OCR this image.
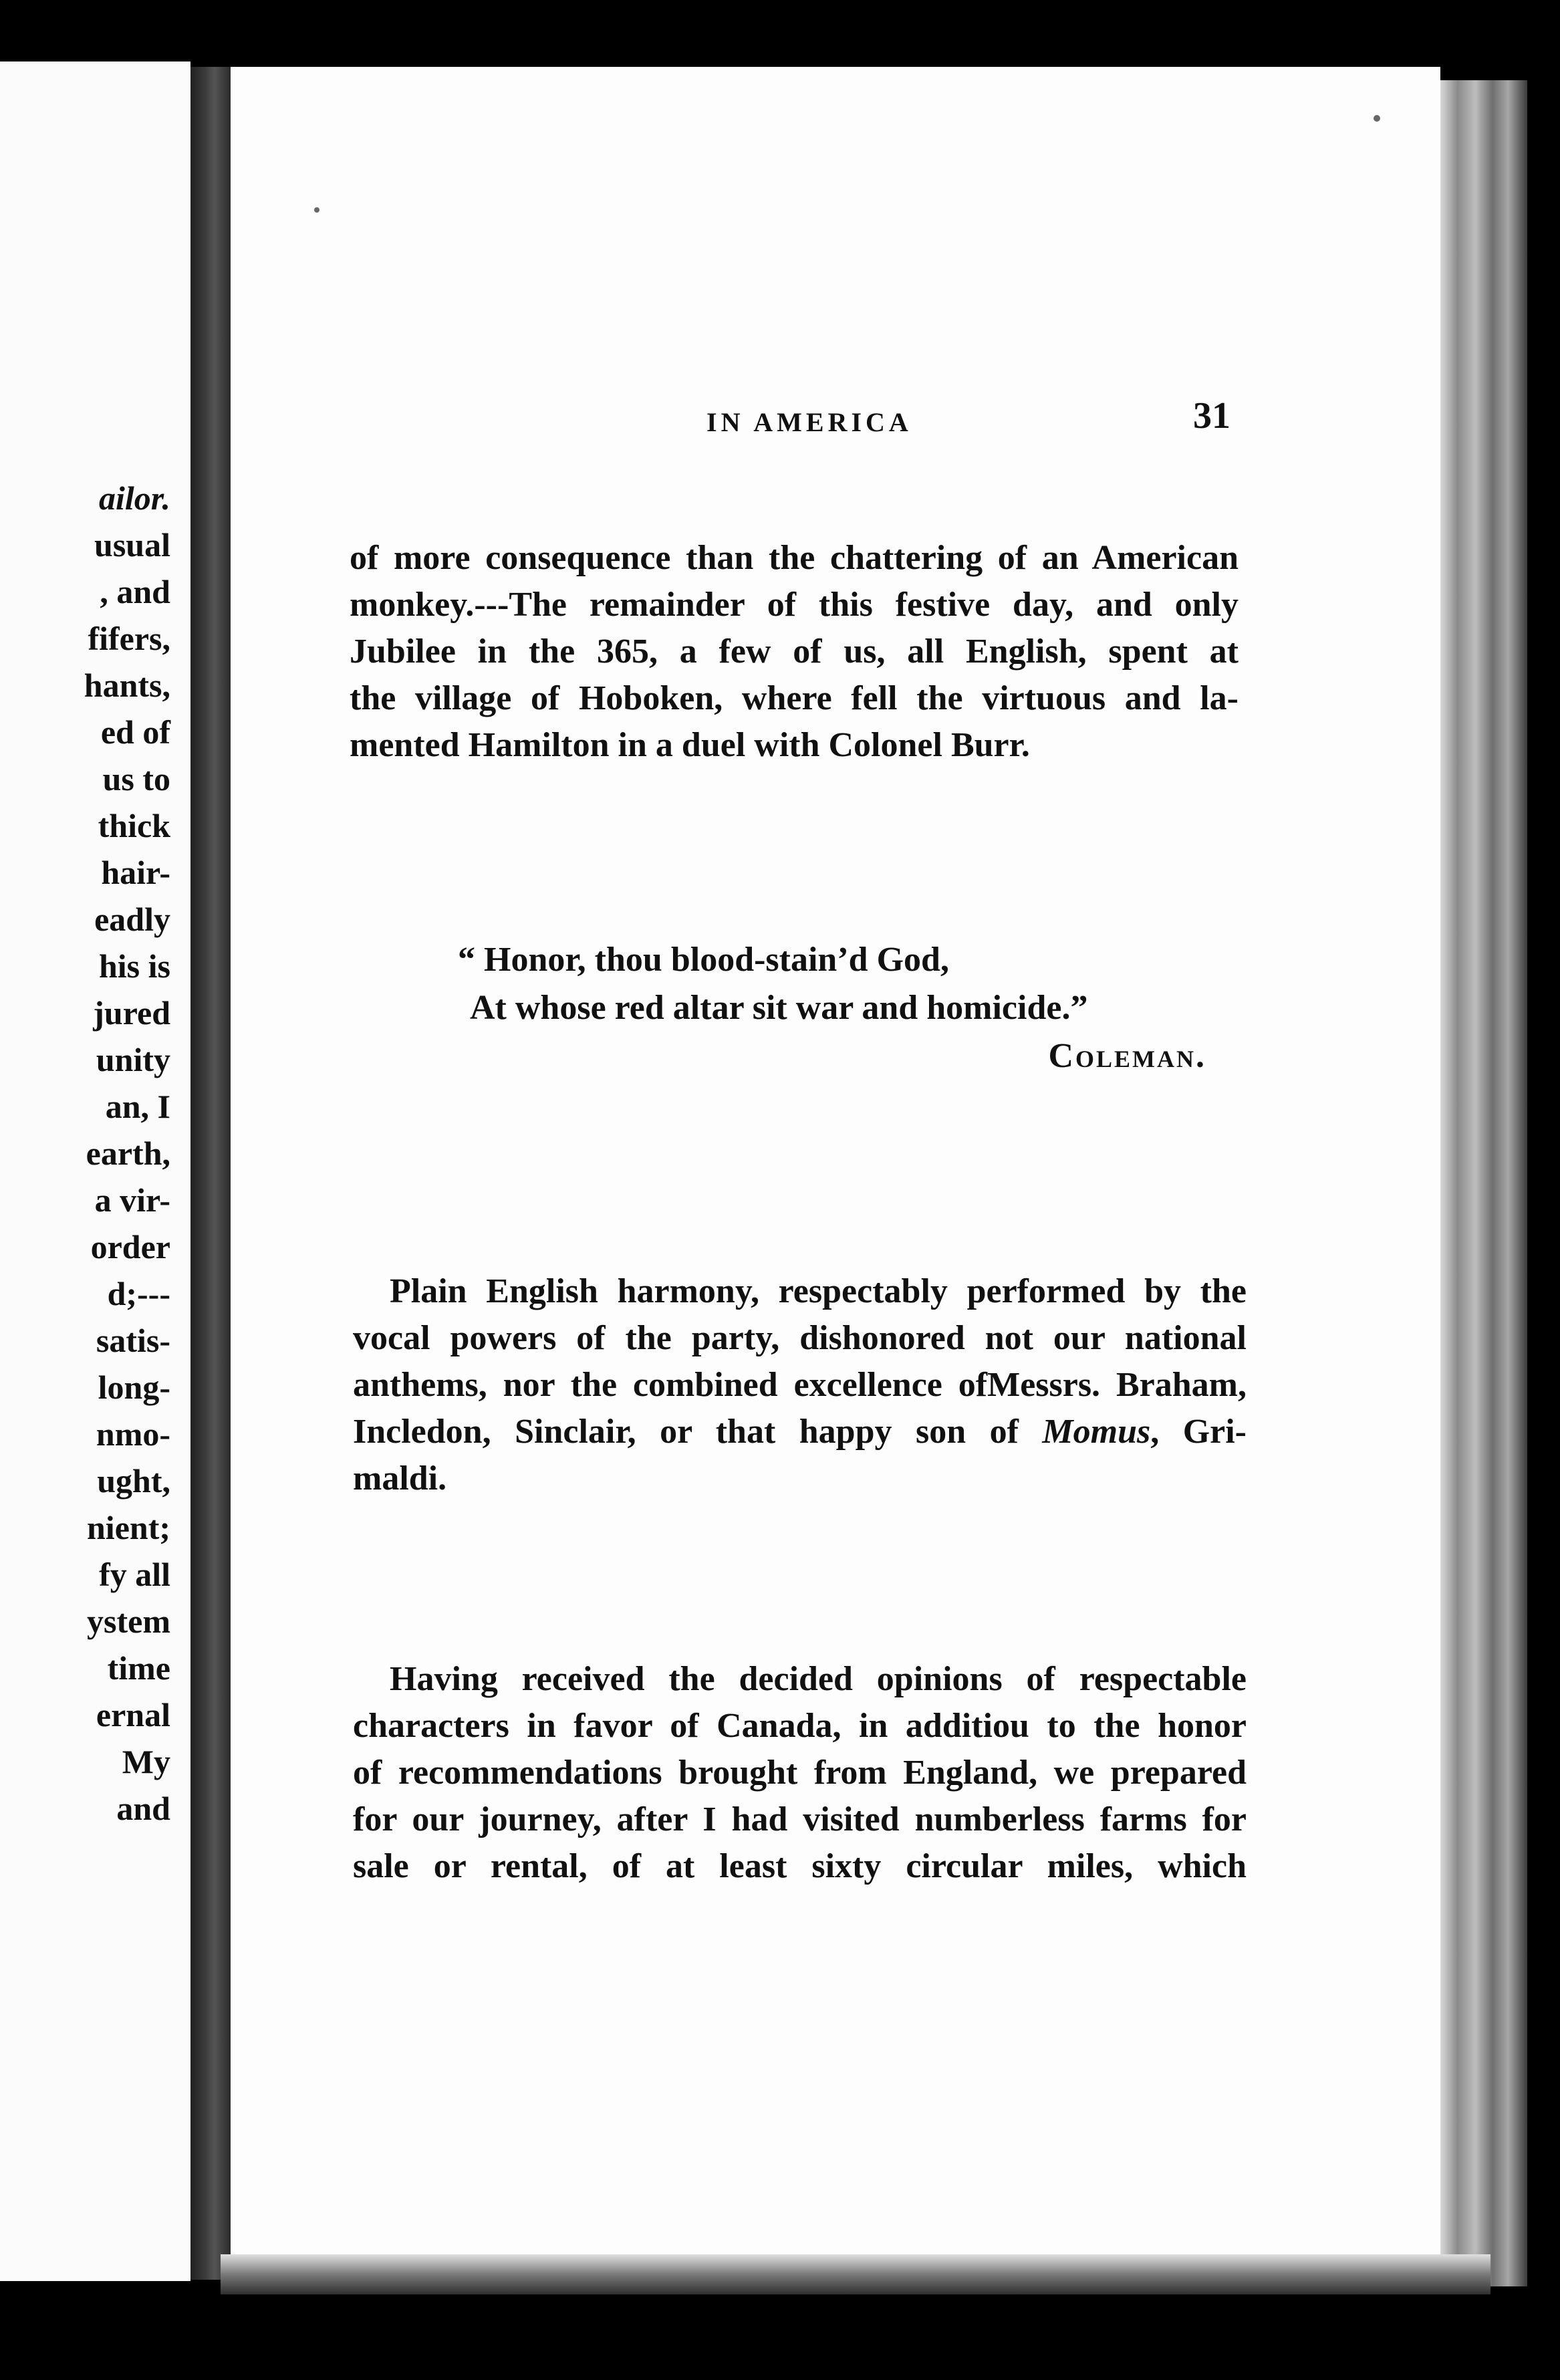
ailor.
usual
, and
fifers,
hants,
ed of
us to
thick
hair-
eadly
his is
jured
unity
an, I
earth,
a vir-
order
d;---
satis-
long-
nmo-
ught,
nient;
fy all
ystem
time
ernal
My
and
IN AMERICA	31

of more consequence than the chattering of an American
monkey.---The remainder of this festive day, and only
Jubilee in the 365, a few of us, all English, spent at
the village of Hoboken, where fell the virtuous and la-
mented Hamilton in a duel with Colonel Burr.

“ Honor, thou blood-stain’d God,
At whose red altar sit war and homicide.”
Coleman.

Plain English harmony, respectably performed by the
vocal powers of the party, dishonored not our national
anthems, nor the combined excellence ofMessrs. Braham,
Incledon, Sinclair, or that happy son of Momus, Gri-
maldi.

Having received the decided opinions of respectable
characters in favor of Canada, in additiou to the honor
of recommendations brought from England, we prepared
for our journey, after I had visited numberless farms for
sale or rental, of at least sixty circular miles, which
